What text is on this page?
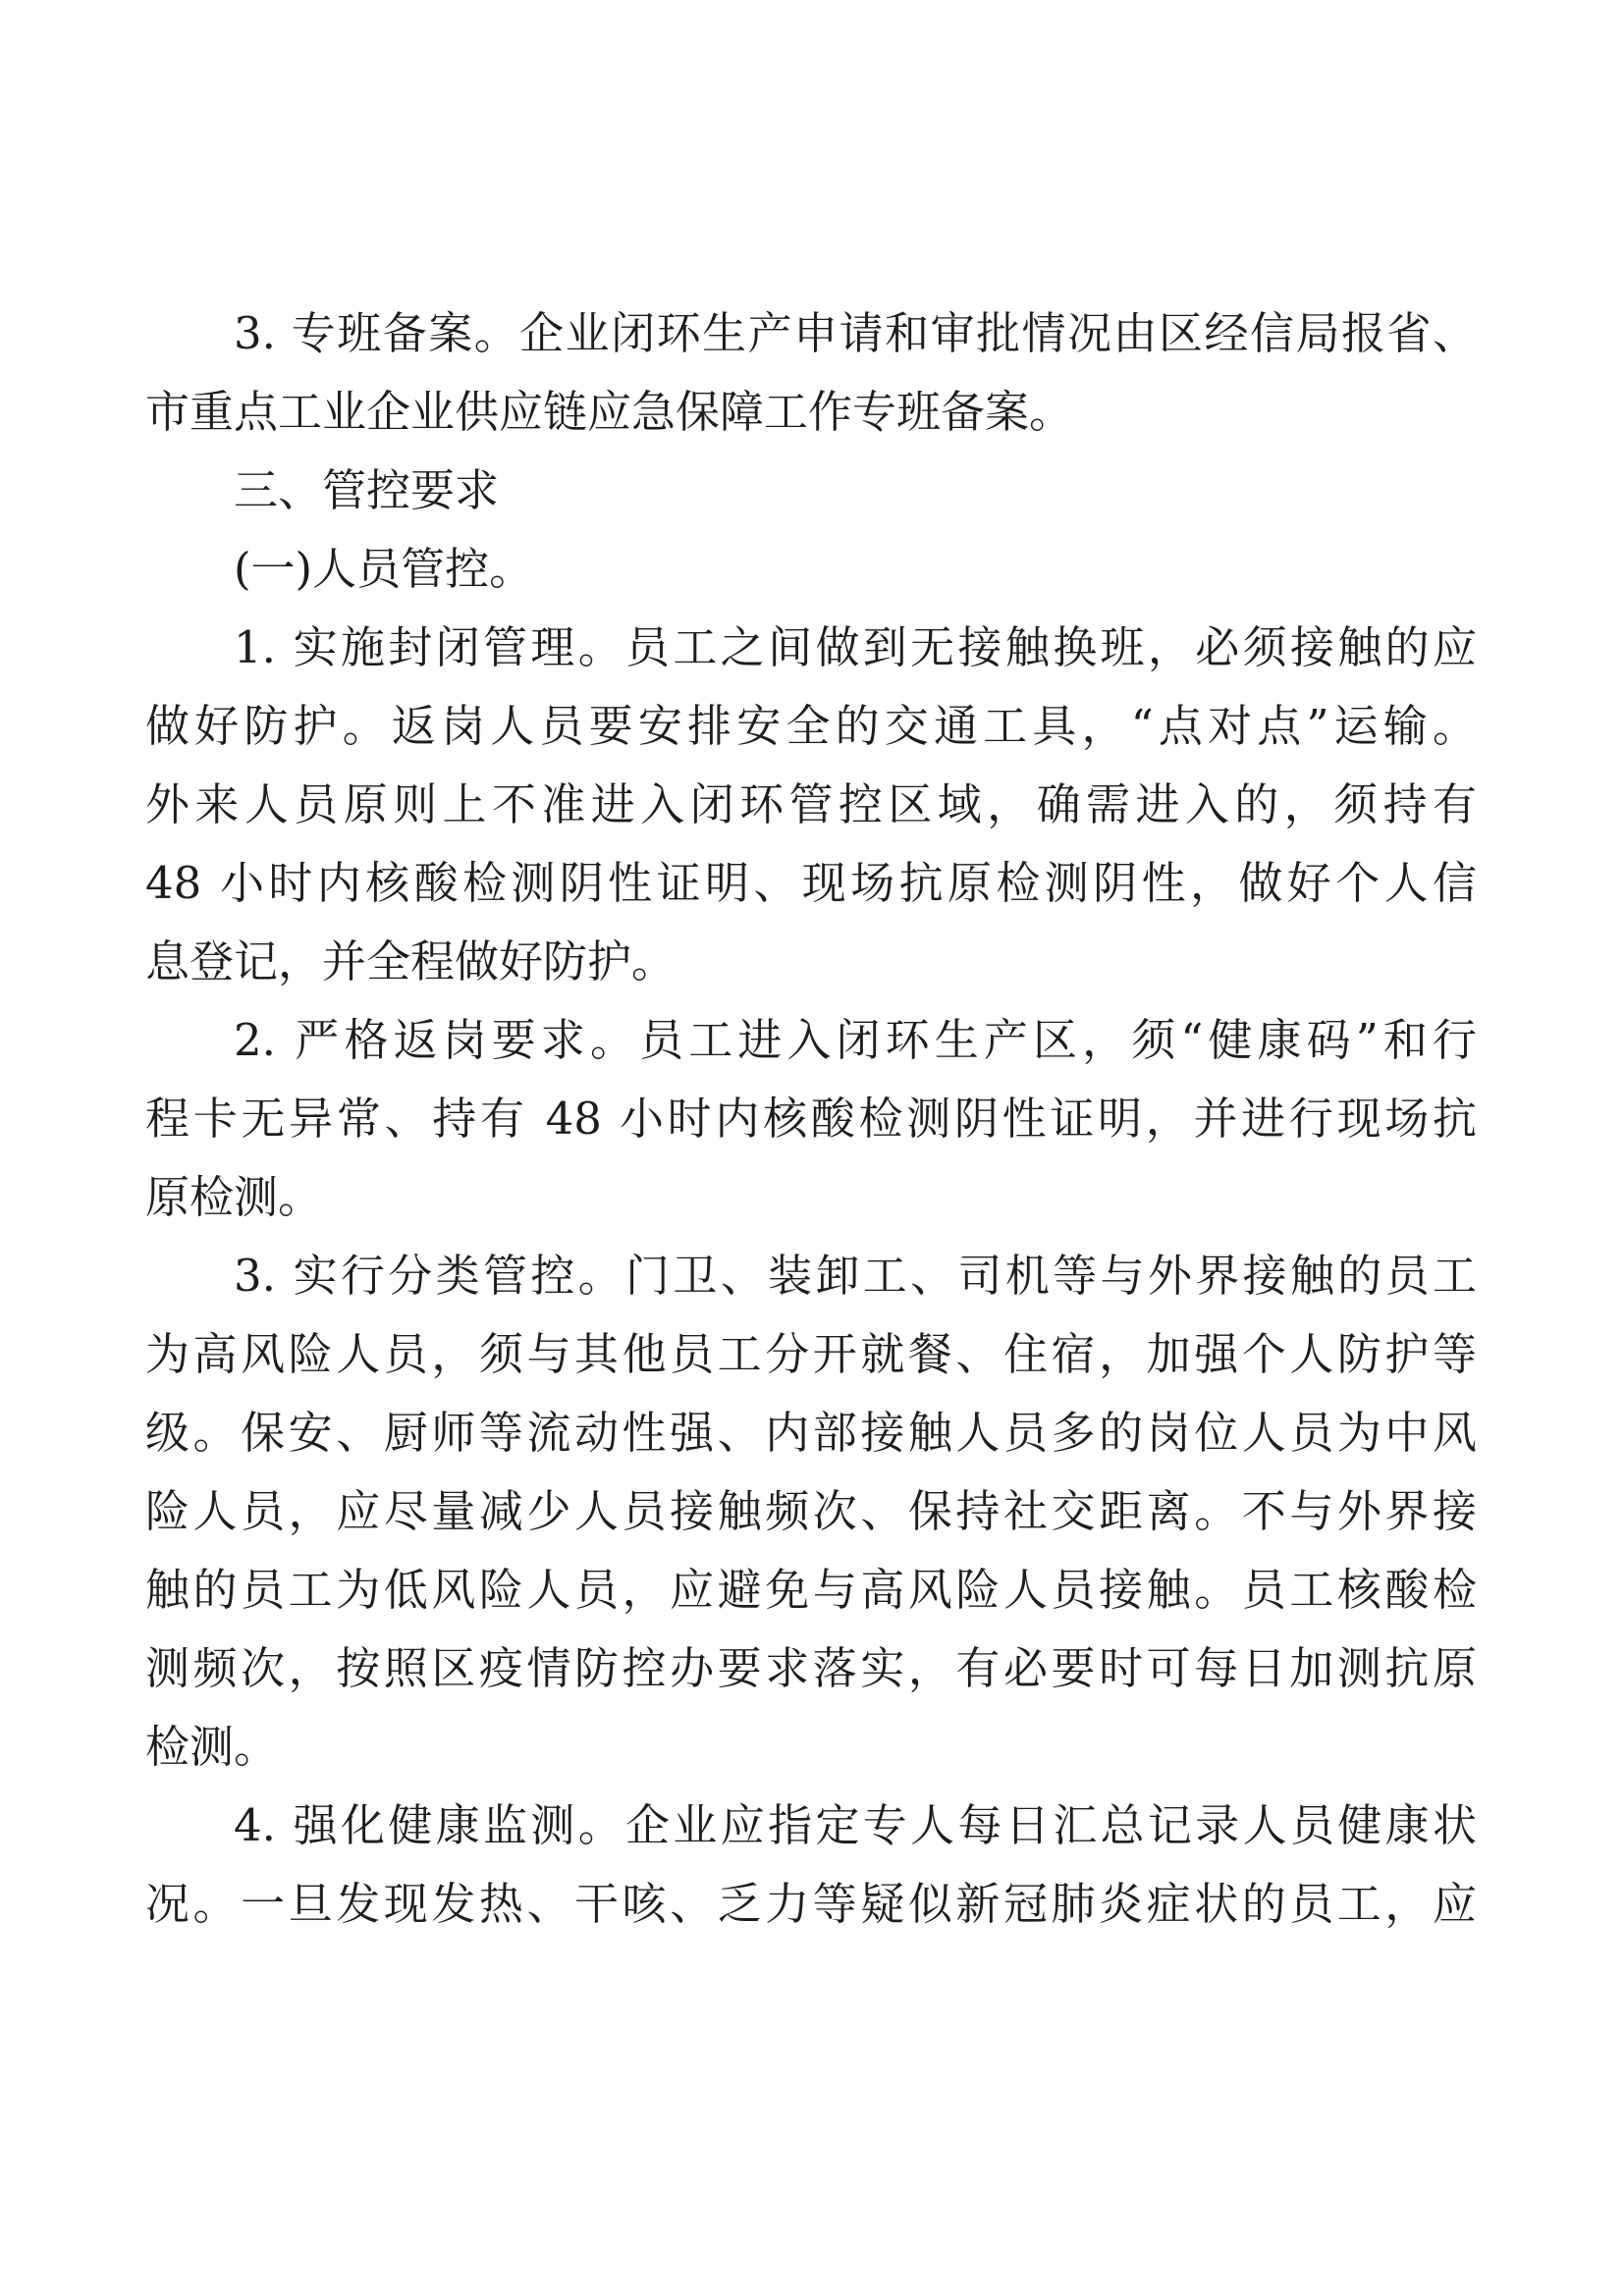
3. 专班备案。企业闭环生产申请和审批情况由区经信局报省、
市重点工业企业供应链应急保障工作专班备案。
三、管控要求
(一)人员管控。
1. 实施封闭管理。员工之间做到无接触换班，必须接触的应
做好防护。返岗人员要安排安全的交通工具，“点对点”运输。
外来人员原则上不准进入闭环管控区域，确需进入的，须持有
48 小时内核酸检测阴性证明、现场抗原检测阴性，做好个人信
息登记，并全程做好防护。
2. 严格返岗要求。员工进入闭环生产区，须“健康码”和行
程卡无异常、持有 48 小时内核酸检测阴性证明，并进行现场抗
原检测。
3. 实行分类管控。门卫、装卸工、司机等与外界接触的员工
为高风险人员，须与其他员工分开就餐、住宿，加强个人防护等
级。保安、厨师等流动性强、内部接触人员多的岗位人员为中风
险人员，应尽量减少人员接触频次、保持社交距离。不与外界接
触的员工为低风险人员，应避免与高风险人员接触。员工核酸检
测频次，按照区疫情防控办要求落实，有必要时可每日加测抗原
检测。
4. 强化健康监测。企业应指定专人每日汇总记录人员健康状
况。一旦发现发热、干咳、乏力等疑似新冠肺炎症状的员工，应
